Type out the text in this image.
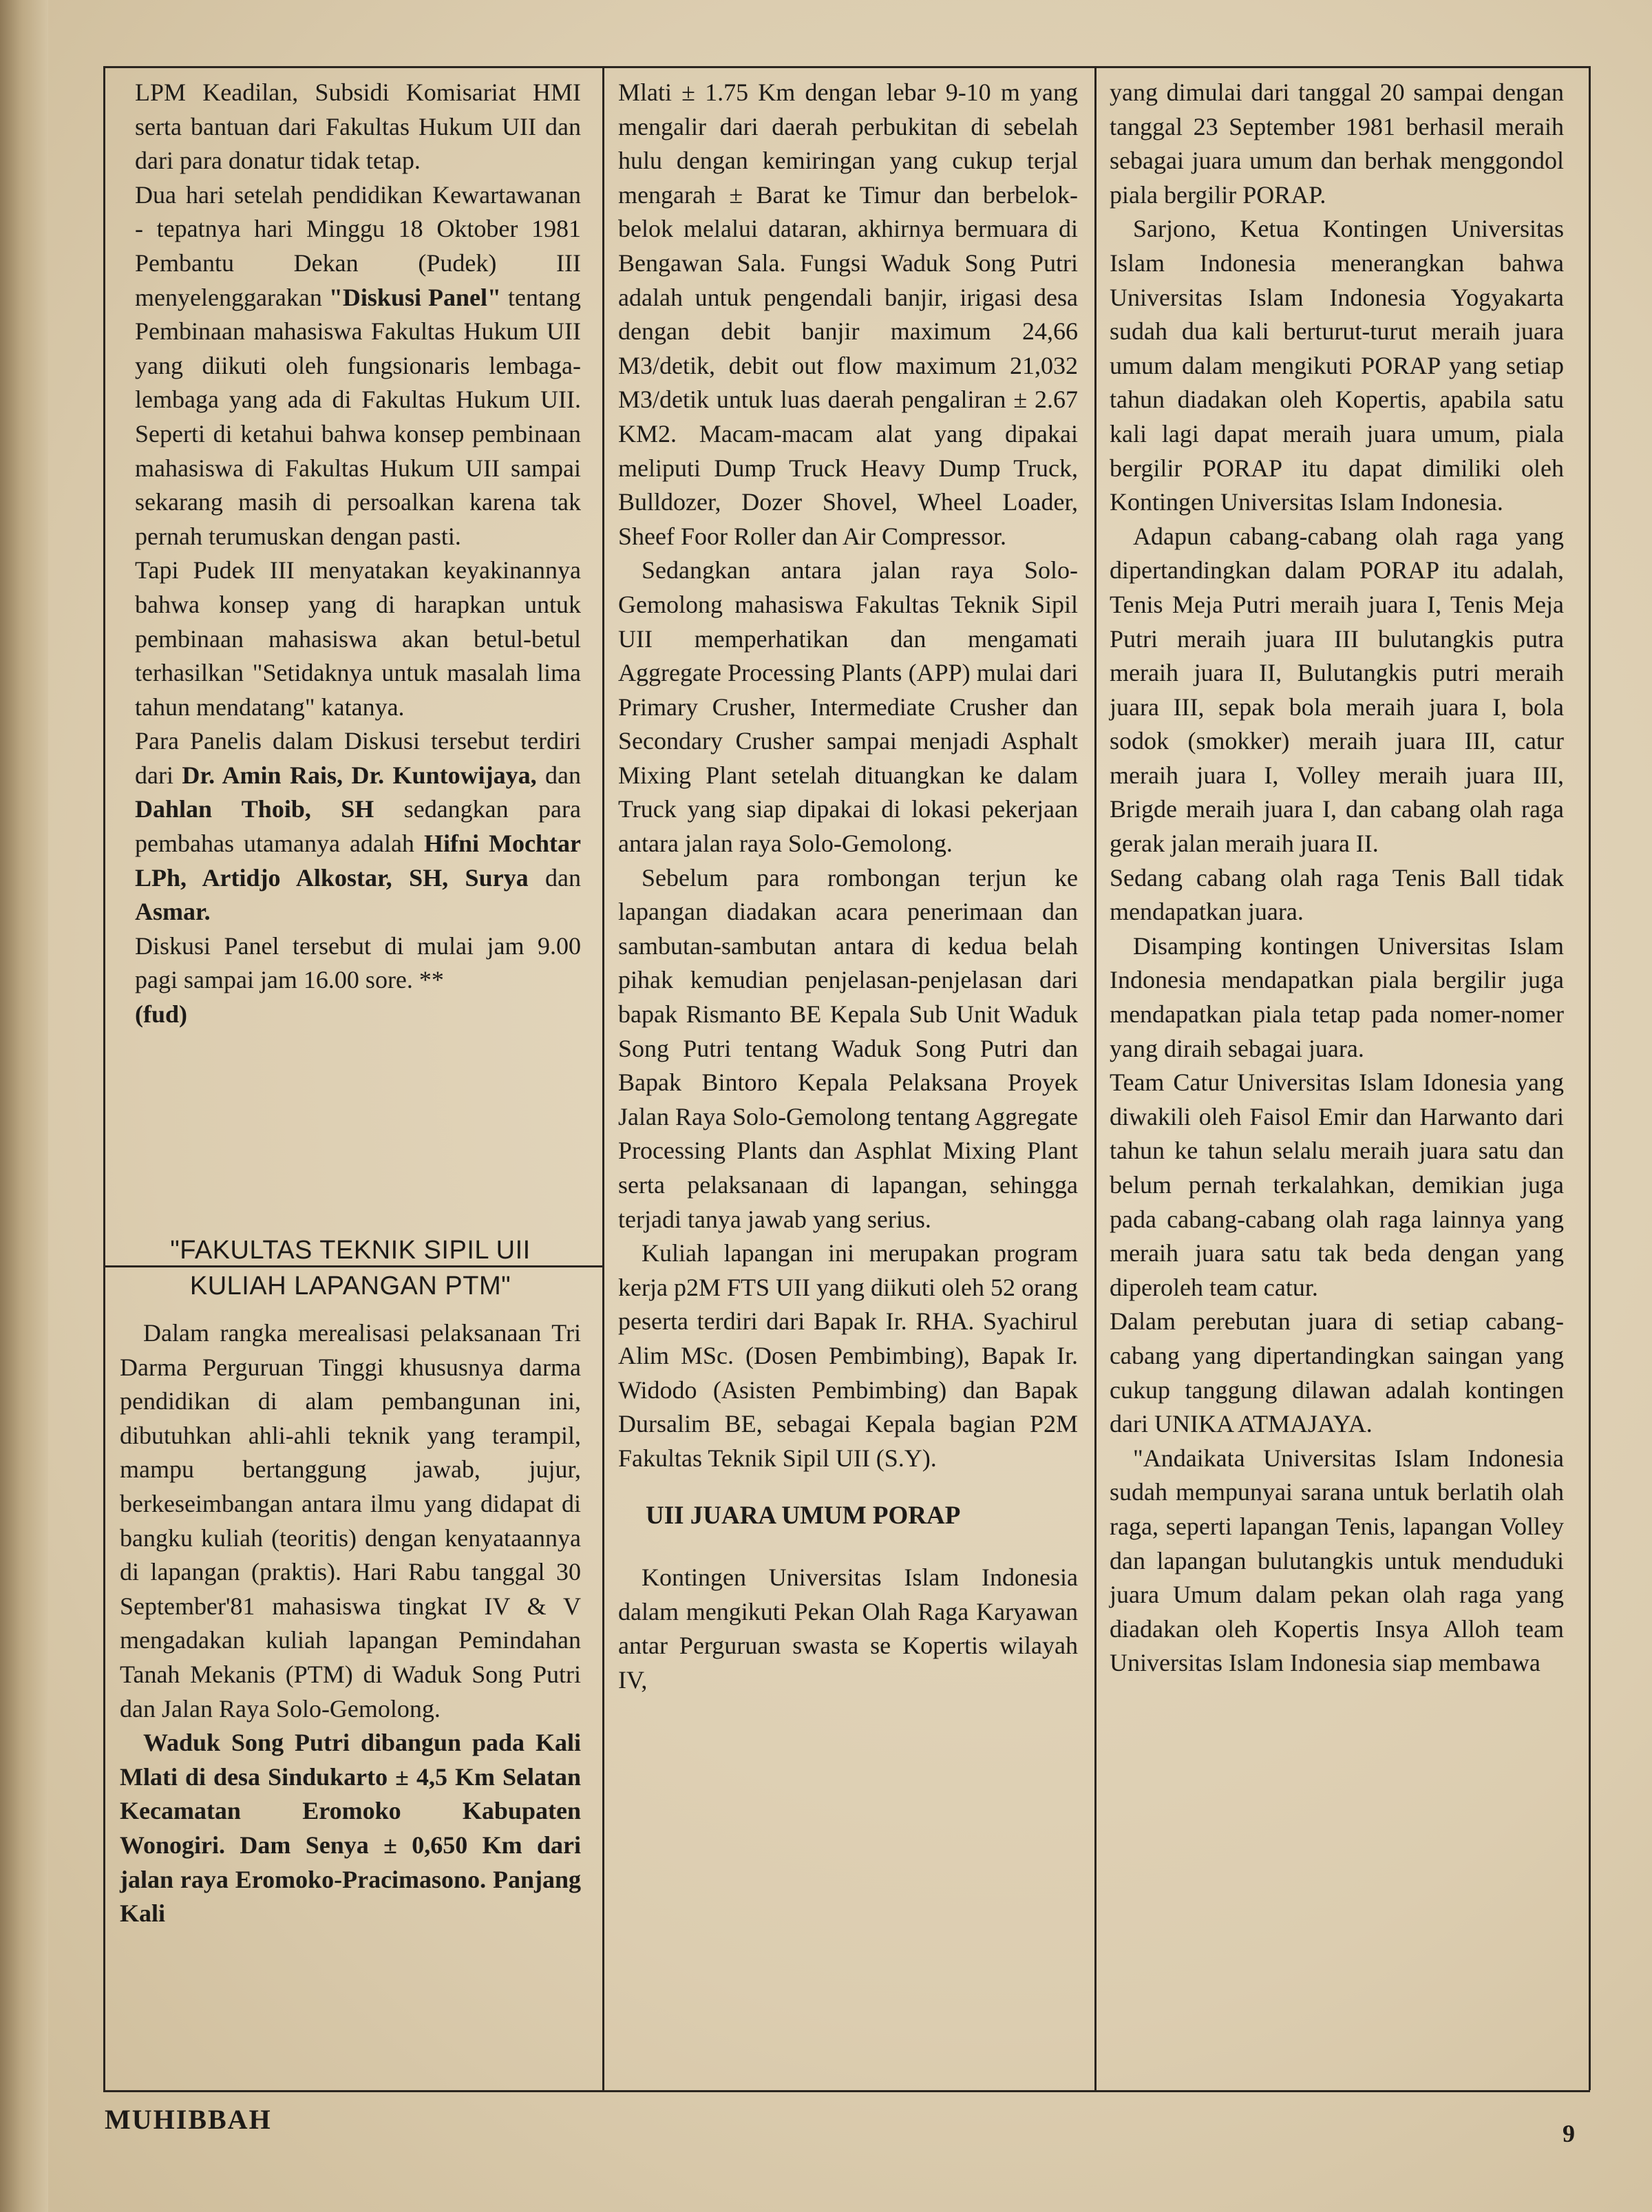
LPM Keadilan, Subsidi Komisariat HMI serta bantuan dari Fakultas Hukum UII dan dari para donatur tidak tetap.

Dua hari setelah pendidikan Kewartawanan - tepatnya hari Minggu 18 Oktober 1981 Pembantu Dekan (Pudek) III menyelenggarakan "Diskusi Panel" tentang Pembinaan mahasiswa Fakultas Hukum UII yang diikuti oleh fungsionaris lembaga-lembaga yang ada di Fakultas Hukum UII. Seperti di ketahui bahwa konsep pembinaan mahasiswa di Fakultas Hukum UII sampai sekarang masih di persoalkan karena tak pernah terumuskan dengan pasti.

Tapi Pudek III menyatakan keyakinannya bahwa konsep yang di harapkan untuk pembinaan mahasiswa akan betul-betul terhasilkan "Setidaknya untuk masalah lima tahun mendatang" katanya.

Para Panelis dalam Diskusi tersebut terdiri dari Dr. Amin Rais, Dr. Kuntowijaya, dan Dahlan Thoib, SH sedangkan para pembahas utamanya adalah Hifni Mochtar LPh, Artidjo Alkostar, SH, Surya dan Asmar.

Diskusi Panel tersebut di mulai jam 9.00 pagi sampai jam 16.00 sore. **
(fud)

"FAKULTAS TEKNIK SIPIL UII
KULIAH LAPANGAN PTM"

Dalam rangka merealisasi pelaksanaan Tri Darma Perguruan Tinggi khususnya darma pendidikan di alam pembangunan ini, dibutuhkan ahli-ahli teknik yang terampil, mampu bertanggung jawab, jujur, berkeseimbangan antara ilmu yang didapat di bangku kuliah (teoritis) dengan kenyataannya di lapangan (praktis). Hari Rabu tanggal 30 September'81 mahasiswa tingkat IV & V mengadakan kuliah lapangan Pemindahan Tanah Mekanis (PTM) di Waduk Song Putri dan Jalan Raya Solo-Gemolong.

Waduk Song Putri dibangun pada Kali Mlati di desa Sindukarto ± 4,5 Km Selatan Kecamatan Eromoko Kabupaten Wonogiri. Dam Senya ± 0,650 Km dari jalan raya Eromoko-Pracimasono. Panjang Kali

Mlati ± 1.75 Km dengan lebar 9-10 m yang mengalir dari daerah perbukitan di sebelah hulu dengan kemiringan yang cukup terjal mengarah ± Barat ke Timur dan berbelok-belok melalui dataran, akhirnya bermuara di Bengawan Sala. Fungsi Waduk Song Putri adalah untuk pengendali banjir, irigasi desa dengan debit banjir maximum 24,66 M3/detik, debit out flow maximum 21,032 M3/detik untuk luas daerah pengaliran ± 2.67 KM2. Macam-macam alat yang dipakai meliputi Dump Truck Heavy Dump Truck, Bulldozer, Dozer Shovel, Wheel Loader, Sheef Foor Roller dan Air Compressor.

Sedangkan antara jalan raya Solo-Gemolong mahasiswa Fakultas Teknik Sipil UII memperhatikan dan mengamati Aggregate Processing Plants (APP) mulai dari Primary Crusher, Intermediate Crusher dan Secondary Crusher sampai menjadi Asphalt Mixing Plant setelah dituangkan ke dalam Truck yang siap dipakai di lokasi pekerjaan antara jalan raya Solo-Gemolong.

Sebelum para rombongan terjun ke lapangan diadakan acara penerimaan dan sambutan-sambutan antara di kedua belah pihak kemudian penjelasan-penjelasan dari bapak Rismanto BE Kepala Sub Unit Waduk Song Putri tentang Waduk Song Putri dan Bapak Bintoro Kepala Pelaksana Proyek Jalan Raya Solo-Gemolong tentang Aggregate Processing Plants dan Asphlat Mixing Plant serta pelaksanaan di lapangan, sehingga terjadi tanya jawab yang serius.

Kuliah lapangan ini merupakan program kerja p2M FTS UII yang diikuti oleh 52 orang peserta terdiri dari Bapak Ir. RHA. Syachirul Alim MSc. (Dosen Pembimbing), Bapak Ir. Widodo (Asisten Pembimbing) dan Bapak Dursalim BE, sebagai Kepala bagian P2M Fakultas Teknik Sipil UII (S.Y).

UII JUARA UMUM PORAP

Kontingen Universitas Islam Indonesia dalam mengikuti Pekan Olah Raga Karyawan antar Perguruan swasta se Kopertis wilayah IV,

yang dimulai dari tanggal 20 sampai dengan tanggal 23 September 1981 berhasil meraih sebagai juara umum dan berhak menggondol piala bergilir PORAP.

Sarjono, Ketua Kontingen Universitas Islam Indonesia menerangkan bahwa Universitas Islam Indonesia Yogyakarta sudah dua kali berturut-turut meraih juara umum dalam mengikuti PORAP yang setiap tahun diadakan oleh Kopertis, apabila satu kali lagi dapat meraih juara umum, piala bergilir PORAP itu dapat dimiliki oleh Kontingen Universitas Islam Indonesia.

Adapun cabang-cabang olah raga yang dipertandingkan dalam PORAP itu adalah, Tenis Meja Putri meraih juara I, Tenis Meja Putri meraih juara III bulutangkis putra meraih juara II, Bulutangkis putri meraih juara III, sepak bola meraih juara I, bola sodok (smokker) meraih juara III, catur meraih juara I, Volley meraih juara III, Brigde meraih juara I, dan cabang olah raga gerak jalan meraih juara II.

Sedang cabang olah raga Tenis Ball tidak mendapatkan juara.

Disamping kontingen Universitas Islam Indonesia mendapatkan piala bergilir juga mendapatkan piala tetap pada nomer-nomer yang diraih sebagai juara.

Team Catur Universitas Islam Idonesia yang diwakili oleh Faisol Emir dan Harwanto dari tahun ke tahun selalu meraih juara satu dan belum pernah terkalahkan, demikian juga pada cabang-cabang olah raga lainnya yang meraih juara satu tak beda dengan yang diperoleh team catur.

Dalam perebutan juara di setiap cabang-cabang yang dipertandingkan saingan yang cukup tanggung dilawan adalah kontingen dari UNIKA ATMAJAYA.

"Andaikata Universitas Islam Indonesia sudah mempunyai sarana untuk berlatih olah raga, seperti lapangan Tenis, lapangan Volley dan lapangan bulutangkis untuk menduduki juara Umum dalam pekan olah raga yang diadakan oleh Kopertis Insya Alloh team Universitas Islam Indonesia siap membawa

MUHIBBAH	9
